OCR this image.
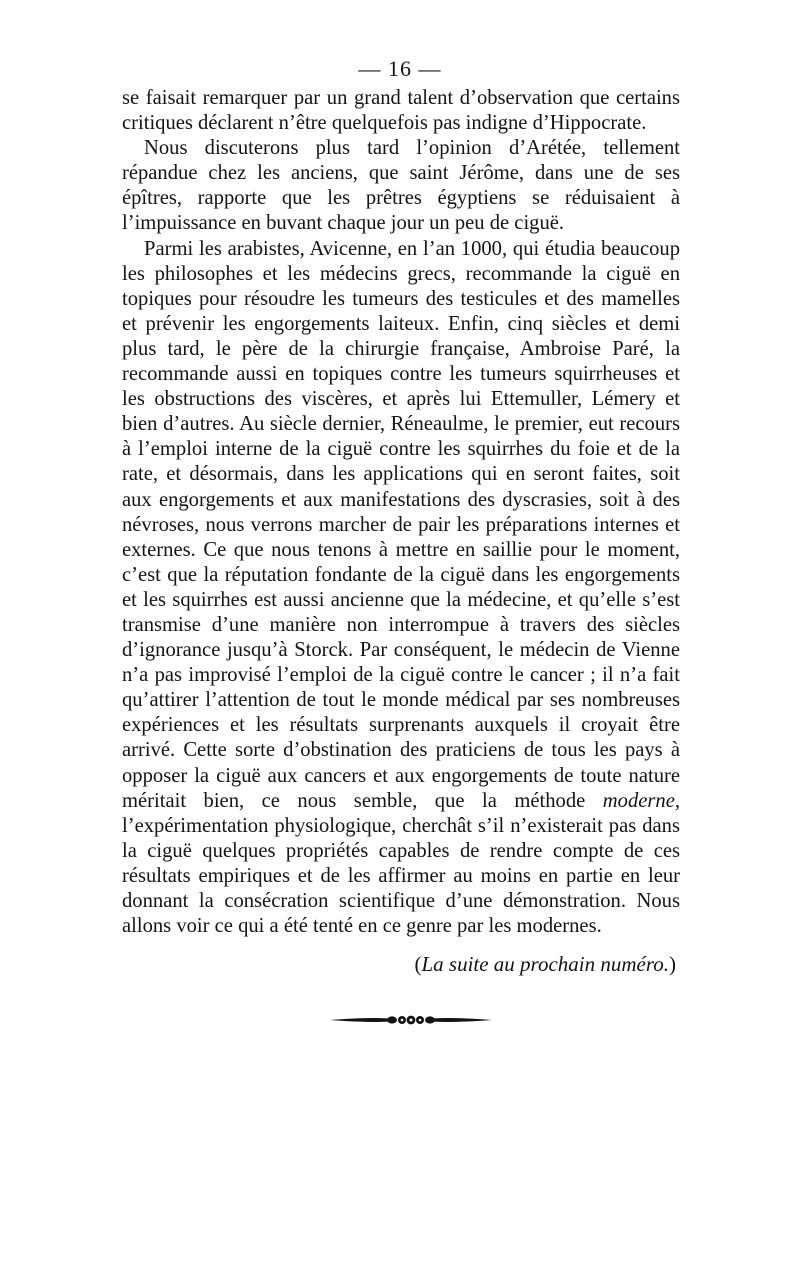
— 16 —

se faisait remarquer par un grand talent d’observation que certains critiques déclarent n’être quelquefois pas indigne d’Hippocrate.

Nous discuterons plus tard l’opinion d’Arétée, tellement répandue chez les anciens, que saint Jérôme, dans une de ses épîtres, rapporte que les prêtres égyptiens se réduisaient à l’impuissance en buvant chaque jour un peu de ciguë.

Parmi les arabistes, Avicenne, en l’an 1000, qui étudia beaucoup les philosophes et les médecins grecs, recommande la ciguë en topiques pour résoudre les tumeurs des testicules et des mamelles et prévenir les engorgements laiteux. Enfin, cinq siècles et demi plus tard, le père de la chirurgie française, Ambroise Paré, la recommande aussi en topiques contre les tumeurs squirrheuses et les obstructions des viscères, et après lui Ettemuller, Lémery et bien d’autres. Au siècle dernier, Réneaulme, le premier, eut recours à l’emploi interne de la ciguë contre les squirrhes du foie et de la rate, et désormais, dans les applications qui en seront faites, soit aux engorgements et aux manifestations des dyscrasies, soit à des névroses, nous verrons marcher de pair les préparations internes et externes. Ce que nous tenons à mettre en saillie pour le moment, c’est que la réputation fondante de la ciguë dans les engorgements et les squirrhes est aussi ancienne que la médecine, et qu’elle s’est transmise d’une manière non interrompue à travers des siècles d’ignorance jusqu’à Storck. Par conséquent, le médecin de Vienne n’a pas improvisé l’emploi de la ciguë contre le cancer ; il n’a fait qu’attirer l’attention de tout le monde médical par ses nombreuses expériences et les résultats surprenants auxquels il croyait être arrivé. Cette sorte d’obstination des praticiens de tous les pays à opposer la ciguë aux cancers et aux engorgements de toute nature méritait bien, ce nous semble, que la méthode moderne, l’expérimentation physiologique, cherchât s’il n’existerait pas dans la ciguë quelques propriétés capables de rendre compte de ces résultats empiriques et de les affirmer au moins en partie en leur donnant la consécration scientifique d’une démonstration. Nous allons voir ce qui a été tenté en ce genre par les modernes.

(La suite au prochain numéro.)
